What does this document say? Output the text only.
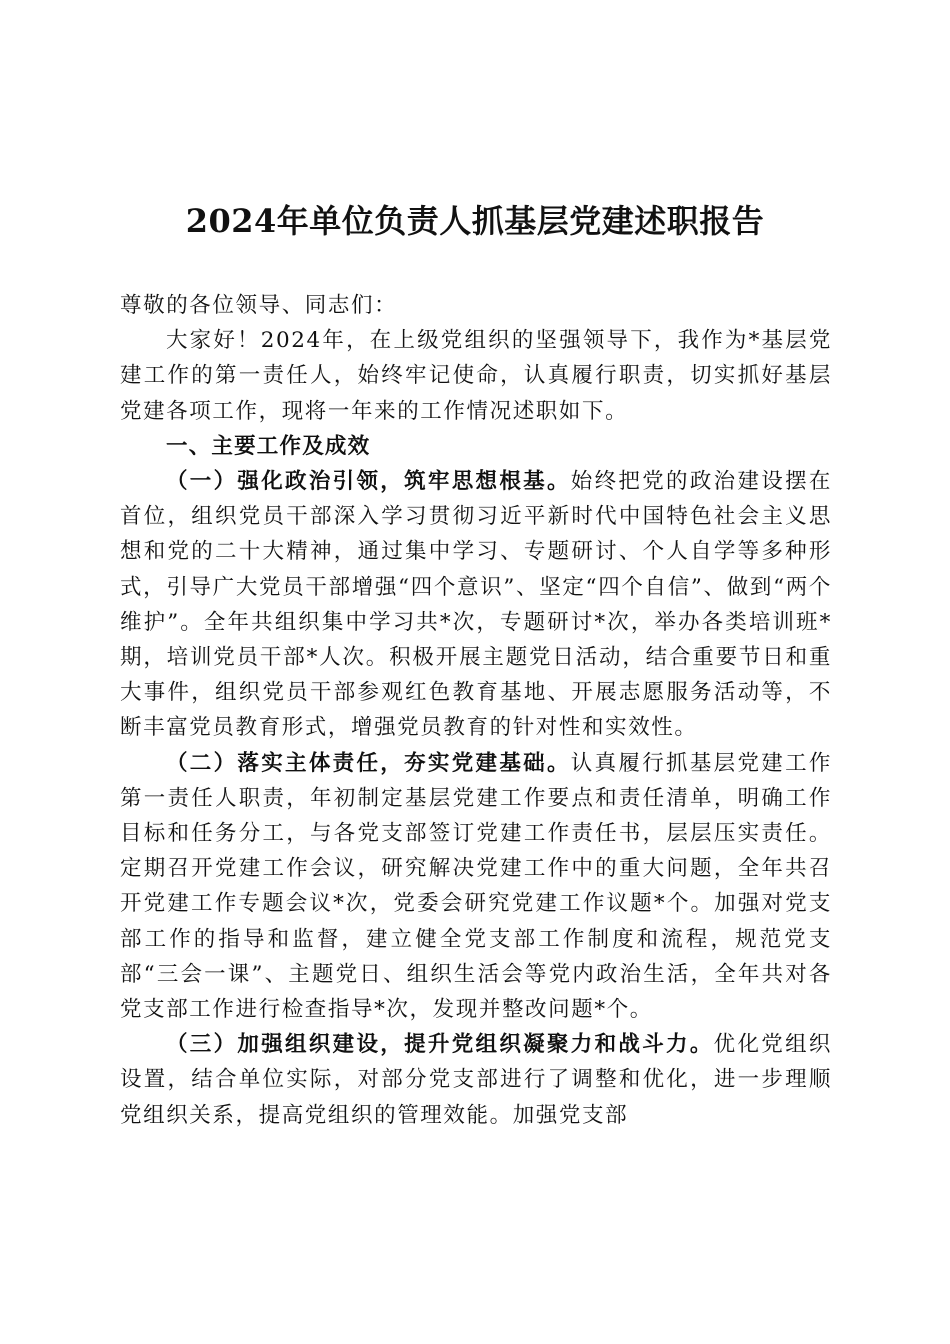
2024年单位负责人抓基层党建述职报告

尊敬的各位领导、同志们：

大家好！2024年，在上级党组织的坚强领导下，我作为*基层党建工作的第一责任人，始终牢记使命，认真履行职责，切实抓好基层党建各项工作，现将一年来的工作情况述职如下。

一、主要工作及成效

（一）强化政治引领，筑牢思想根基。始终把党的政治建设摆在首位，组织党员干部深入学习贯彻习近平新时代中国特色社会主义思想和党的二十大精神，通过集中学习、专题研讨、个人自学等多种形式，引导广大党员干部增强“四个意识”、坚定“四个自信”、做到“两个维护”。全年共组织集中学习共*次，专题研讨*次，举办各类培训班*期，培训党员干部*人次。积极开展主题党日活动，结合重要节日和重大事件，组织党员干部参观红色教育基地、开展志愿服务活动等，不断丰富党员教育形式，增强党员教育的针对性和实效性。

（二）落实主体责任，夯实党建基础。认真履行抓基层党建工作第一责任人职责，年初制定基层党建工作要点和责任清单，明确工作目标和任务分工，与各党支部签订党建工作责任书，层层压实责任。定期召开党建工作会议，研究解决党建工作中的重大问题，全年共召开党建工作专题会议*次，党委会研究党建工作议题*个。加强对党支部工作的指导和监督，建立健全党支部工作制度和流程，规范党支部“三会一课”、主题党日、组织生活会等党内政治生活，全年共对各党支部工作进行检查指导*次，发现并整改问题*个。

（三）加强组织建设，提升党组织凝聚力和战斗力。优化党组织设置，结合单位实际，对部分党支部进行了调整和优化，进一步理顺党组织关系，提高党组织的管理效能。加强党支部
